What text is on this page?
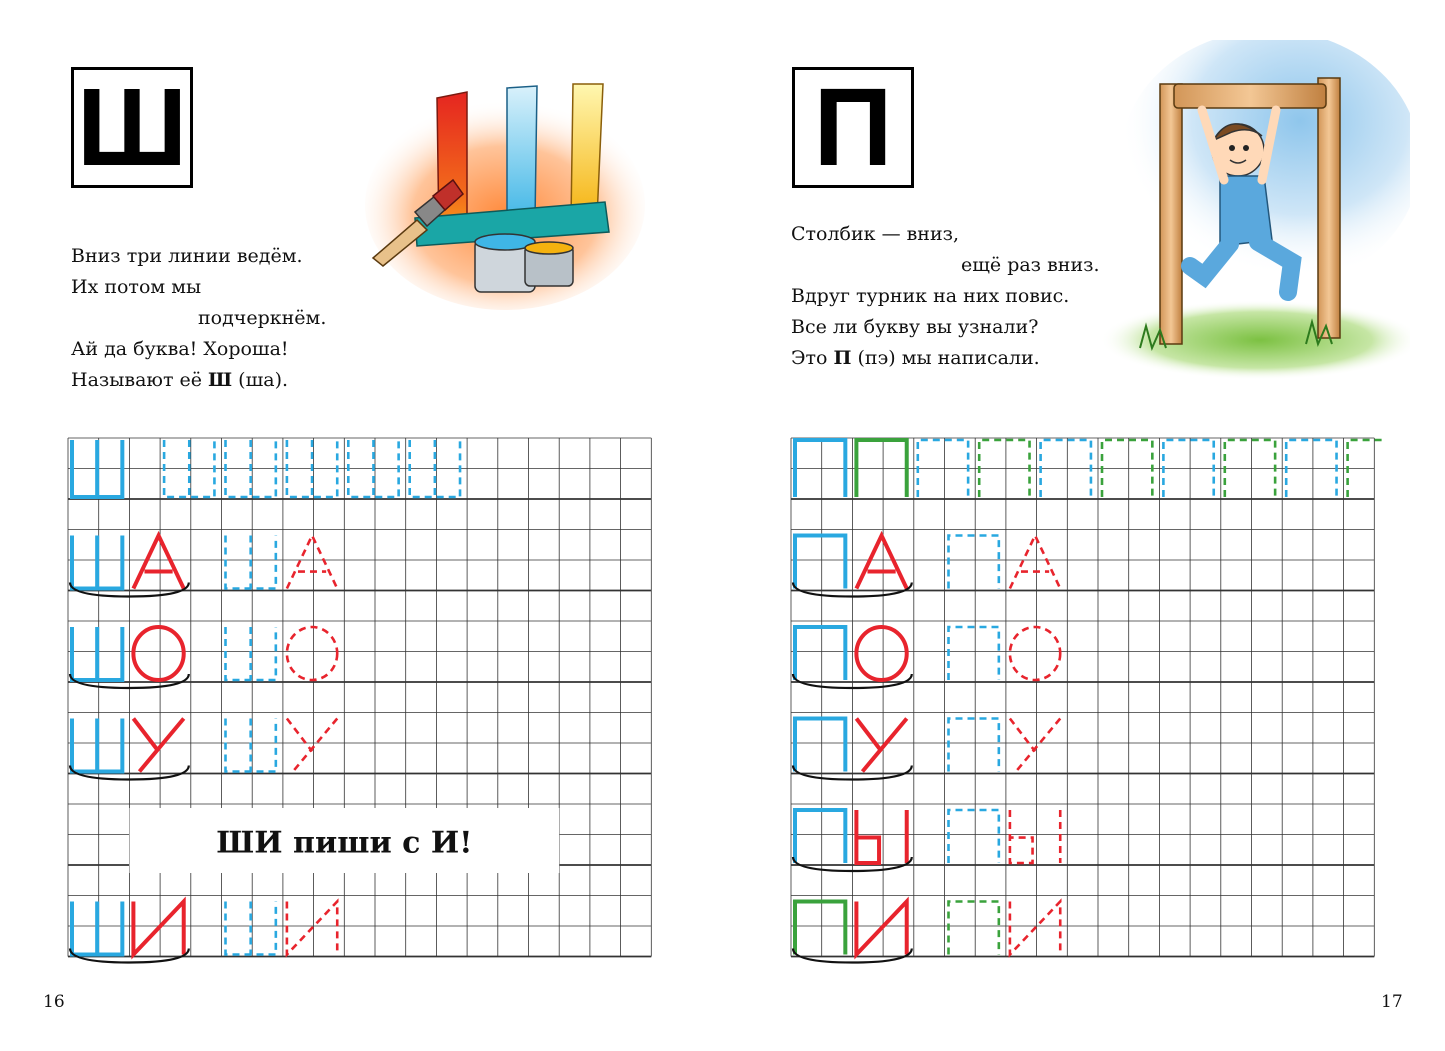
Ш
Вниз три линии ведём.
Их потом мы
подчеркнём.
Ай да буква! Хороша!
Называют её Ш (ша).
ШИ пиши с И!
16
П
Столбик — вниз,
ещё раз вниз.
Вдруг турник на них повис.
Все ли букву вы узнали?
Это П (пэ) мы написали.
17
